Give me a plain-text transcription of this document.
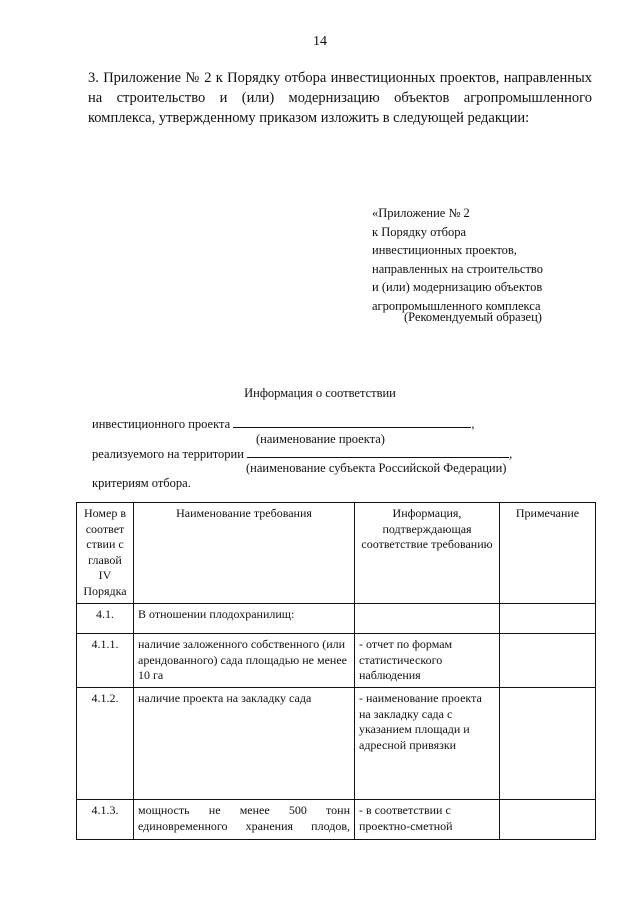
14
3. Приложение № 2 к Порядку отбора инвестиционных проектов, направленных на строительство и (или) модернизацию объектов агропромышленного комплекса, утвержденному приказом изложить в следующей редакции:
«Приложение № 2
к Порядку отбора
инвестиционных проектов,
направленных на строительство
и (или) модернизацию объектов
агропромышленного комплекса
(Рекомендуемый образец)
Информация о соответствии
инвестиционного проекта	,
(наименование проекта)
реализуемого на территории	,
(наименование субъекта Российской Федерации)
критериям отбора.
Номер в соответ ствии с главой IV Порядка	Наименование требования	Информация, подтверждающая соответствие требованию	Примечание
4.1.	В отношении плодохранилищ:		
4.1.1.	наличие заложенного собственного (или арендованного) сада площадью не менее 10 га	- отчет по формам статистического наблюдения	
4.1.2.	наличие проекта на закладку сада	- наименование проекта на закладку сада с указанием площади и адресной привязки	
4.1.3.	мощность не менее 500 тонн единовременного хранения плодов,	- в соответствии с проектно-сметной	
